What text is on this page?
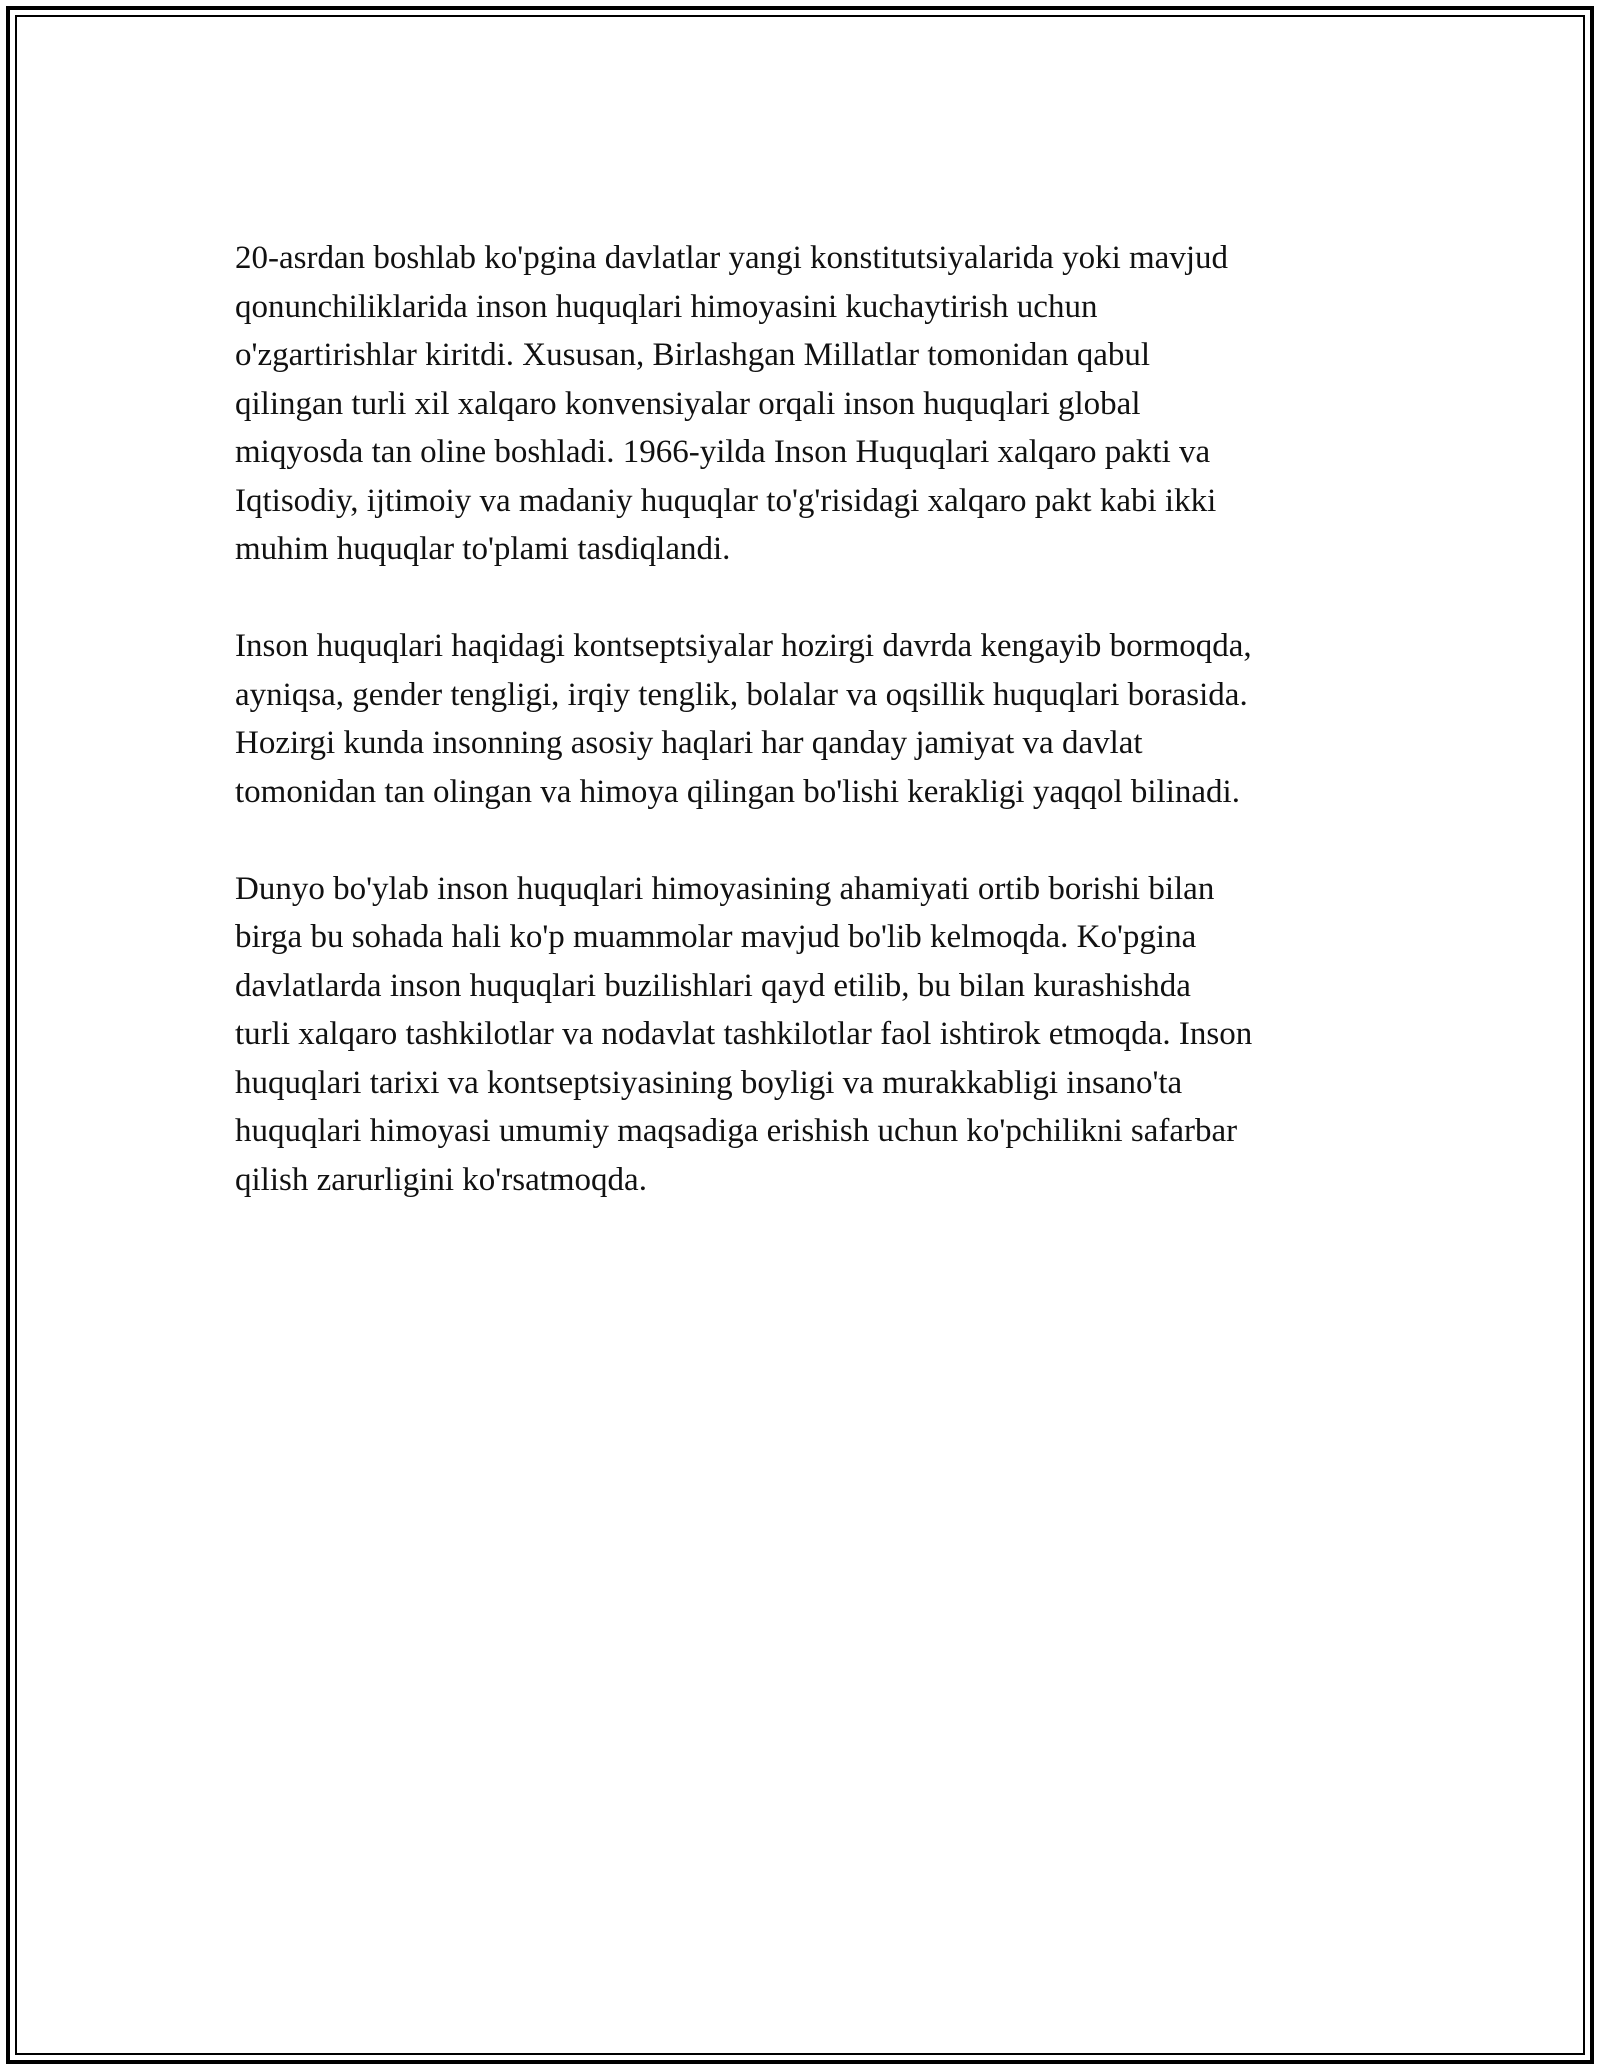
20-asrdan boshlab ko'pgina davlatlar yangi konstitutsiyalarida yoki mavjud
qonunchiliklarida inson huquqlari himoyasini kuchaytirish uchun
o'zgartirishlar kiritdi. Xususan, Birlashgan Millatlar tomonidan qabul
qilingan turli xil xalqaro konvensiyalar orqali inson huquqlari global
miqyosda tan oline boshladi. 1966-yilda Inson Huquqlari xalqaro pakti va
Iqtisodiy, ijtimoiy va madaniy huquqlar to'g'risidagi xalqaro pakt kabi ikki
muhim huquqlar to'plami tasdiqlandi.

Inson huquqlari haqidagi kontseptsiyalar hozirgi davrda kengayib bormoqda,
ayniqsa, gender tengligi, irqiy tenglik, bolalar va oqsillik huquqlari borasida.
Hozirgi kunda insonning asosiy haqlari har qanday jamiyat va davlat
tomonidan tan olingan va himoya qilingan bo'lishi kerakligi yaqqol bilinadi.

Dunyo bo'ylab inson huquqlari himoyasining ahamiyati ortib borishi bilan
birga bu sohada hali ko'p muammolar mavjud bo'lib kelmoqda. Ko'pgina
davlatlarda inson huquqlari buzilishlari qayd etilib, bu bilan kurashishda
turli xalqaro tashkilotlar va nodavlat tashkilotlar faol ishtirok etmoqda. Inson
huquqlari tarixi va kontseptsiyasining boyligi va murakkabligi insano'ta
huquqlari himoyasi umumiy maqsadiga erishish uchun ko'pchilikni safarbar
qilish zarurligini ko'rsatmoqda.
